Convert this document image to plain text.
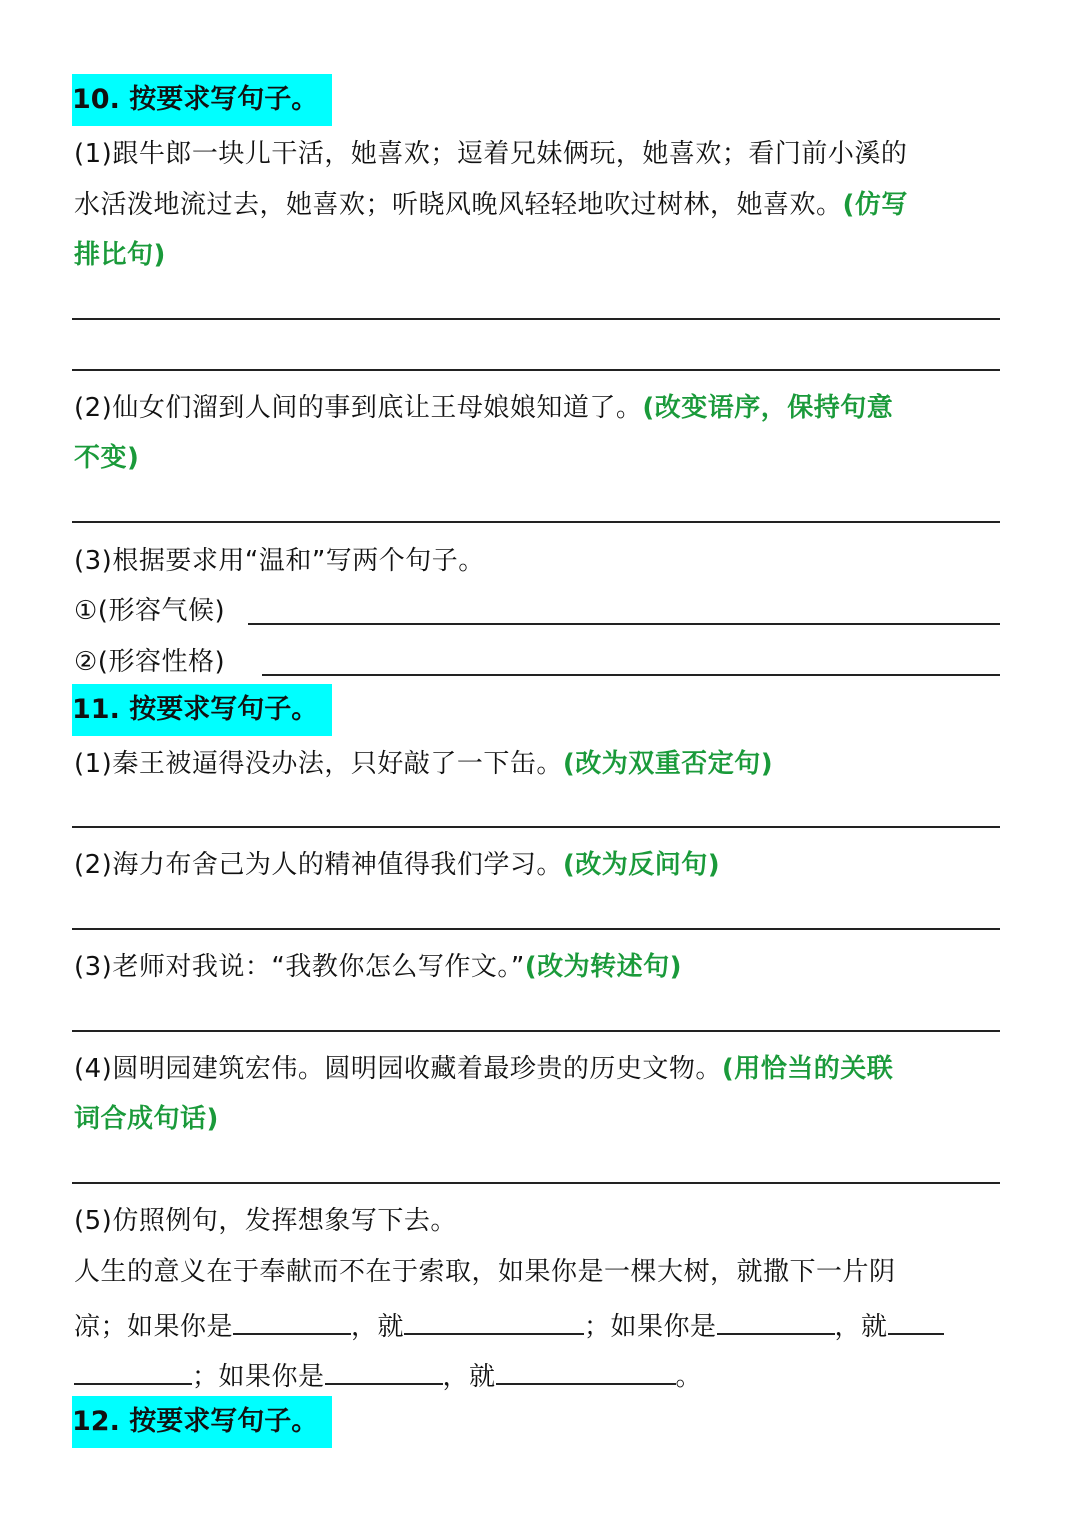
10. 按要求写句子。
(1)跟牛郎一块儿干活，她喜欢；逗着兄妹俩玩，她喜欢；看门前小溪的
水活泼地流过去，她喜欢；听晓风晚风轻轻地吹过树林，她喜欢。(仿写
排比句)
(2)仙女们溜到人间的事到底让王母娘娘知道了。(改变语序，保持句意
不变)
(3)根据要求用“温和”写两个句子。
①(形容气候)
②(形容性格)
11. 按要求写句子。
(1)秦王被逼得没办法，只好敲了一下缶。(改为双重否定句)
(2)海力布舍己为人的精神值得我们学习。(改为反问句)
(3)老师对我说：“我教你怎么写作文。”(改为转述句)
(4)圆明园建筑宏伟。圆明园收藏着最珍贵的历史文物。(用恰当的关联
词合成句话)
(5)仿照例句，发挥想象写下去。
人生的意义在于奉献而不在于索取，如果你是一棵大树，就撒下一片阴
凉；如果你是	，就	；如果你是	，就
；如果你是	，就	。
12. 按要求写句子。
